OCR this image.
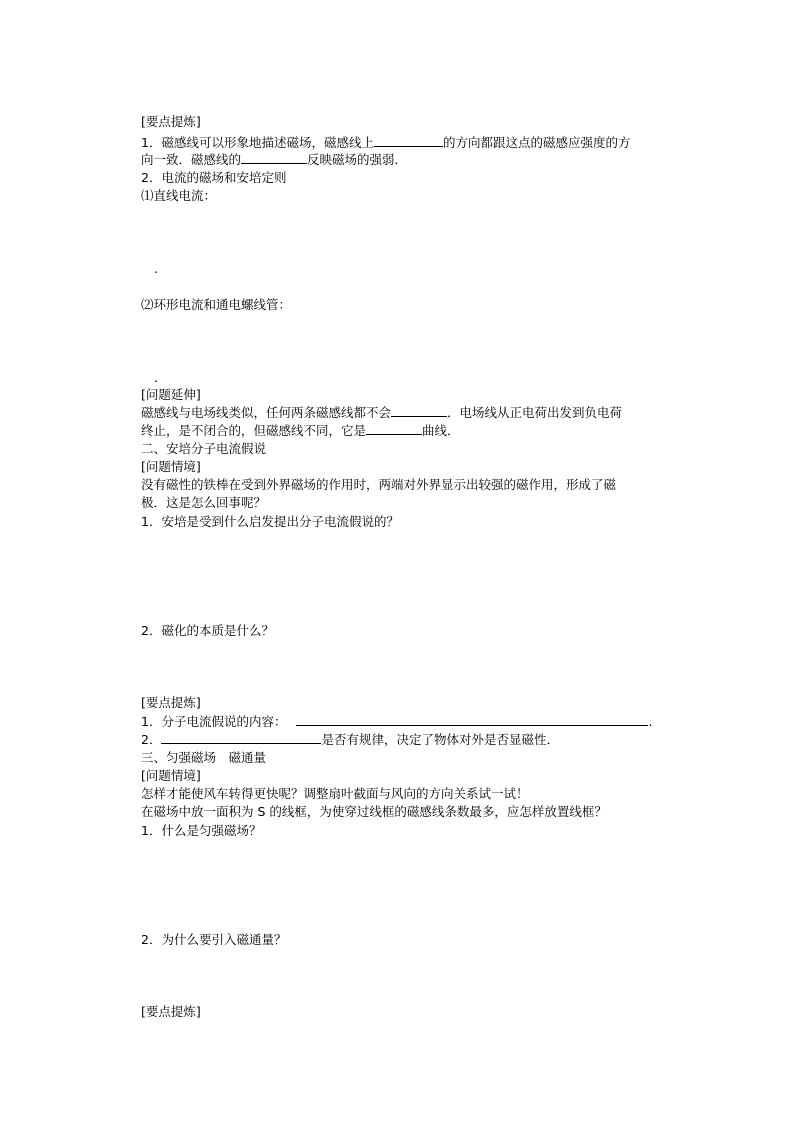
[要点提炼]
1．磁感线可以形象地描述磁场，磁感线上	的方向都跟这点的磁感应强度的方
向一致．磁感线的	反映磁场的强弱．
2．电流的磁场和安培定则
⑴直线电流：
.
⑵环形电流和通电螺线管：
.
[问题延伸]
磁感线与电场线类似，任何两条磁感线都不会	．电场线从正电荷出发到负电荷
终止，是不闭合的，但磁感线不同，它是	曲线．
二、安培分子电流假说
[问题情境]
没有磁性的铁棒在受到外界磁场的作用时，两端对外界显示出较强的磁作用，形成了磁
极．这是怎么回事呢？
1．安培是受到什么启发提出分子电流假说的？
2．磁化的本质是什么？
[要点提炼]
1．分子电流假说的内容：	.
2．	是否有规律，决定了物体对外是否显磁性．
三、匀强磁场　磁通量
[问题情境]
怎样才能使风车转得更快呢？调整扇叶截面与风向的方向关系试一试！
在磁场中放一面积为 S 的线框，为使穿过线框的磁感线条数最多，应怎样放置线框？
1．什么是匀强磁场？
2．为什么要引入磁通量？
[要点提炼]
